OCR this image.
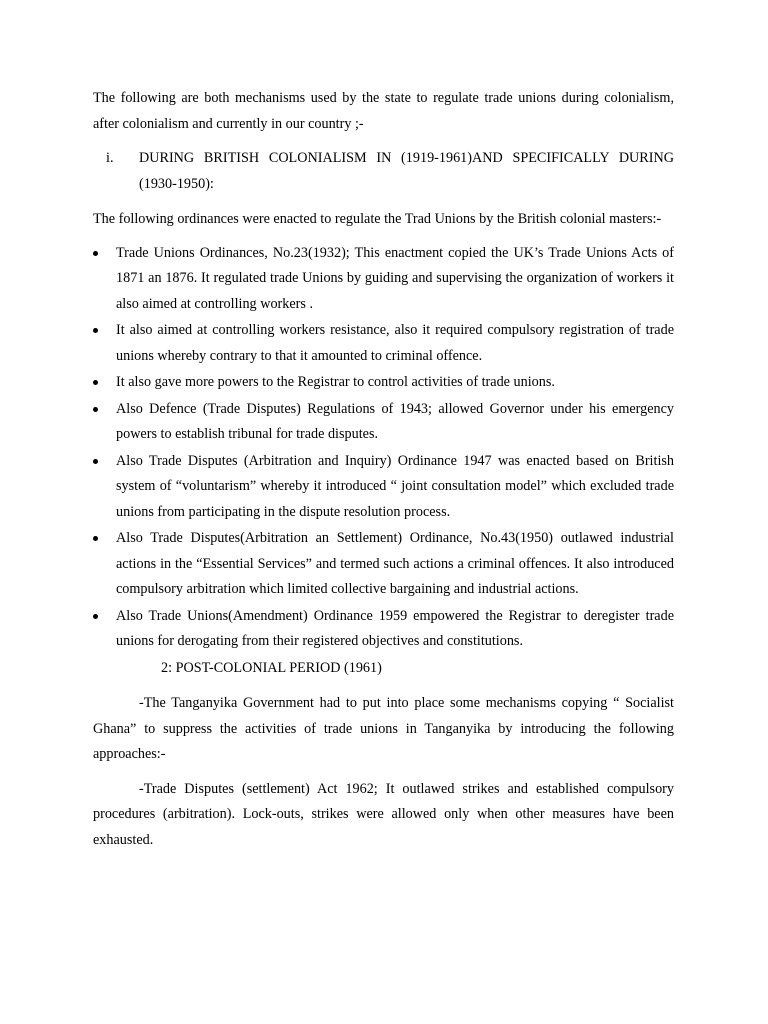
The following are both mechanisms used by the state to regulate trade unions during colonialism, after colonialism and currently in our country ;-

i. DURING BRITISH COLONIALISM IN (1919-1961)AND SPECIFICALLY DURING (1930-1950):

The following ordinances were enacted to regulate the Trad Unions by the British colonial masters:-

Trade Unions Ordinances, No.23(1932); This enactment copied the UK’s Trade Unions Acts of 1871 an 1876. It regulated trade Unions by guiding and supervising the organization of workers it also aimed at controlling workers .
It also aimed at controlling workers resistance, also it required compulsory registration of trade unions whereby contrary to that it amounted to criminal offence.
It also gave more powers to the Registrar to control activities of trade unions.
Also Defence (Trade Disputes) Regulations of 1943; allowed Governor under his emergency powers to establish tribunal for trade disputes.
Also Trade Disputes (Arbitration and Inquiry) Ordinance 1947 was enacted based on British system of “voluntarism” whereby it introduced “ joint consultation model” which excluded trade unions from participating in the dispute resolution process.
Also Trade Disputes(Arbitration an Settlement) Ordinance, No.43(1950) outlawed industrial actions in the “Essential Services” and termed such actions a criminal offences. It also introduced compulsory arbitration which limited collective bargaining and industrial actions.
Also Trade Unions(Amendment) Ordinance 1959 empowered the Registrar to deregister trade unions for derogating from their registered objectives and constitutions.

2: POST-COLONIAL PERIOD (1961)

-The Tanganyika Government had to put into place some mechanisms copying “ Socialist Ghana” to suppress the activities of trade unions in Tanganyika by introducing the following approaches:-

-Trade Disputes (settlement) Act 1962; It outlawed strikes and established compulsory procedures (arbitration). Lock-outs, strikes were allowed only when other measures have been exhausted.
